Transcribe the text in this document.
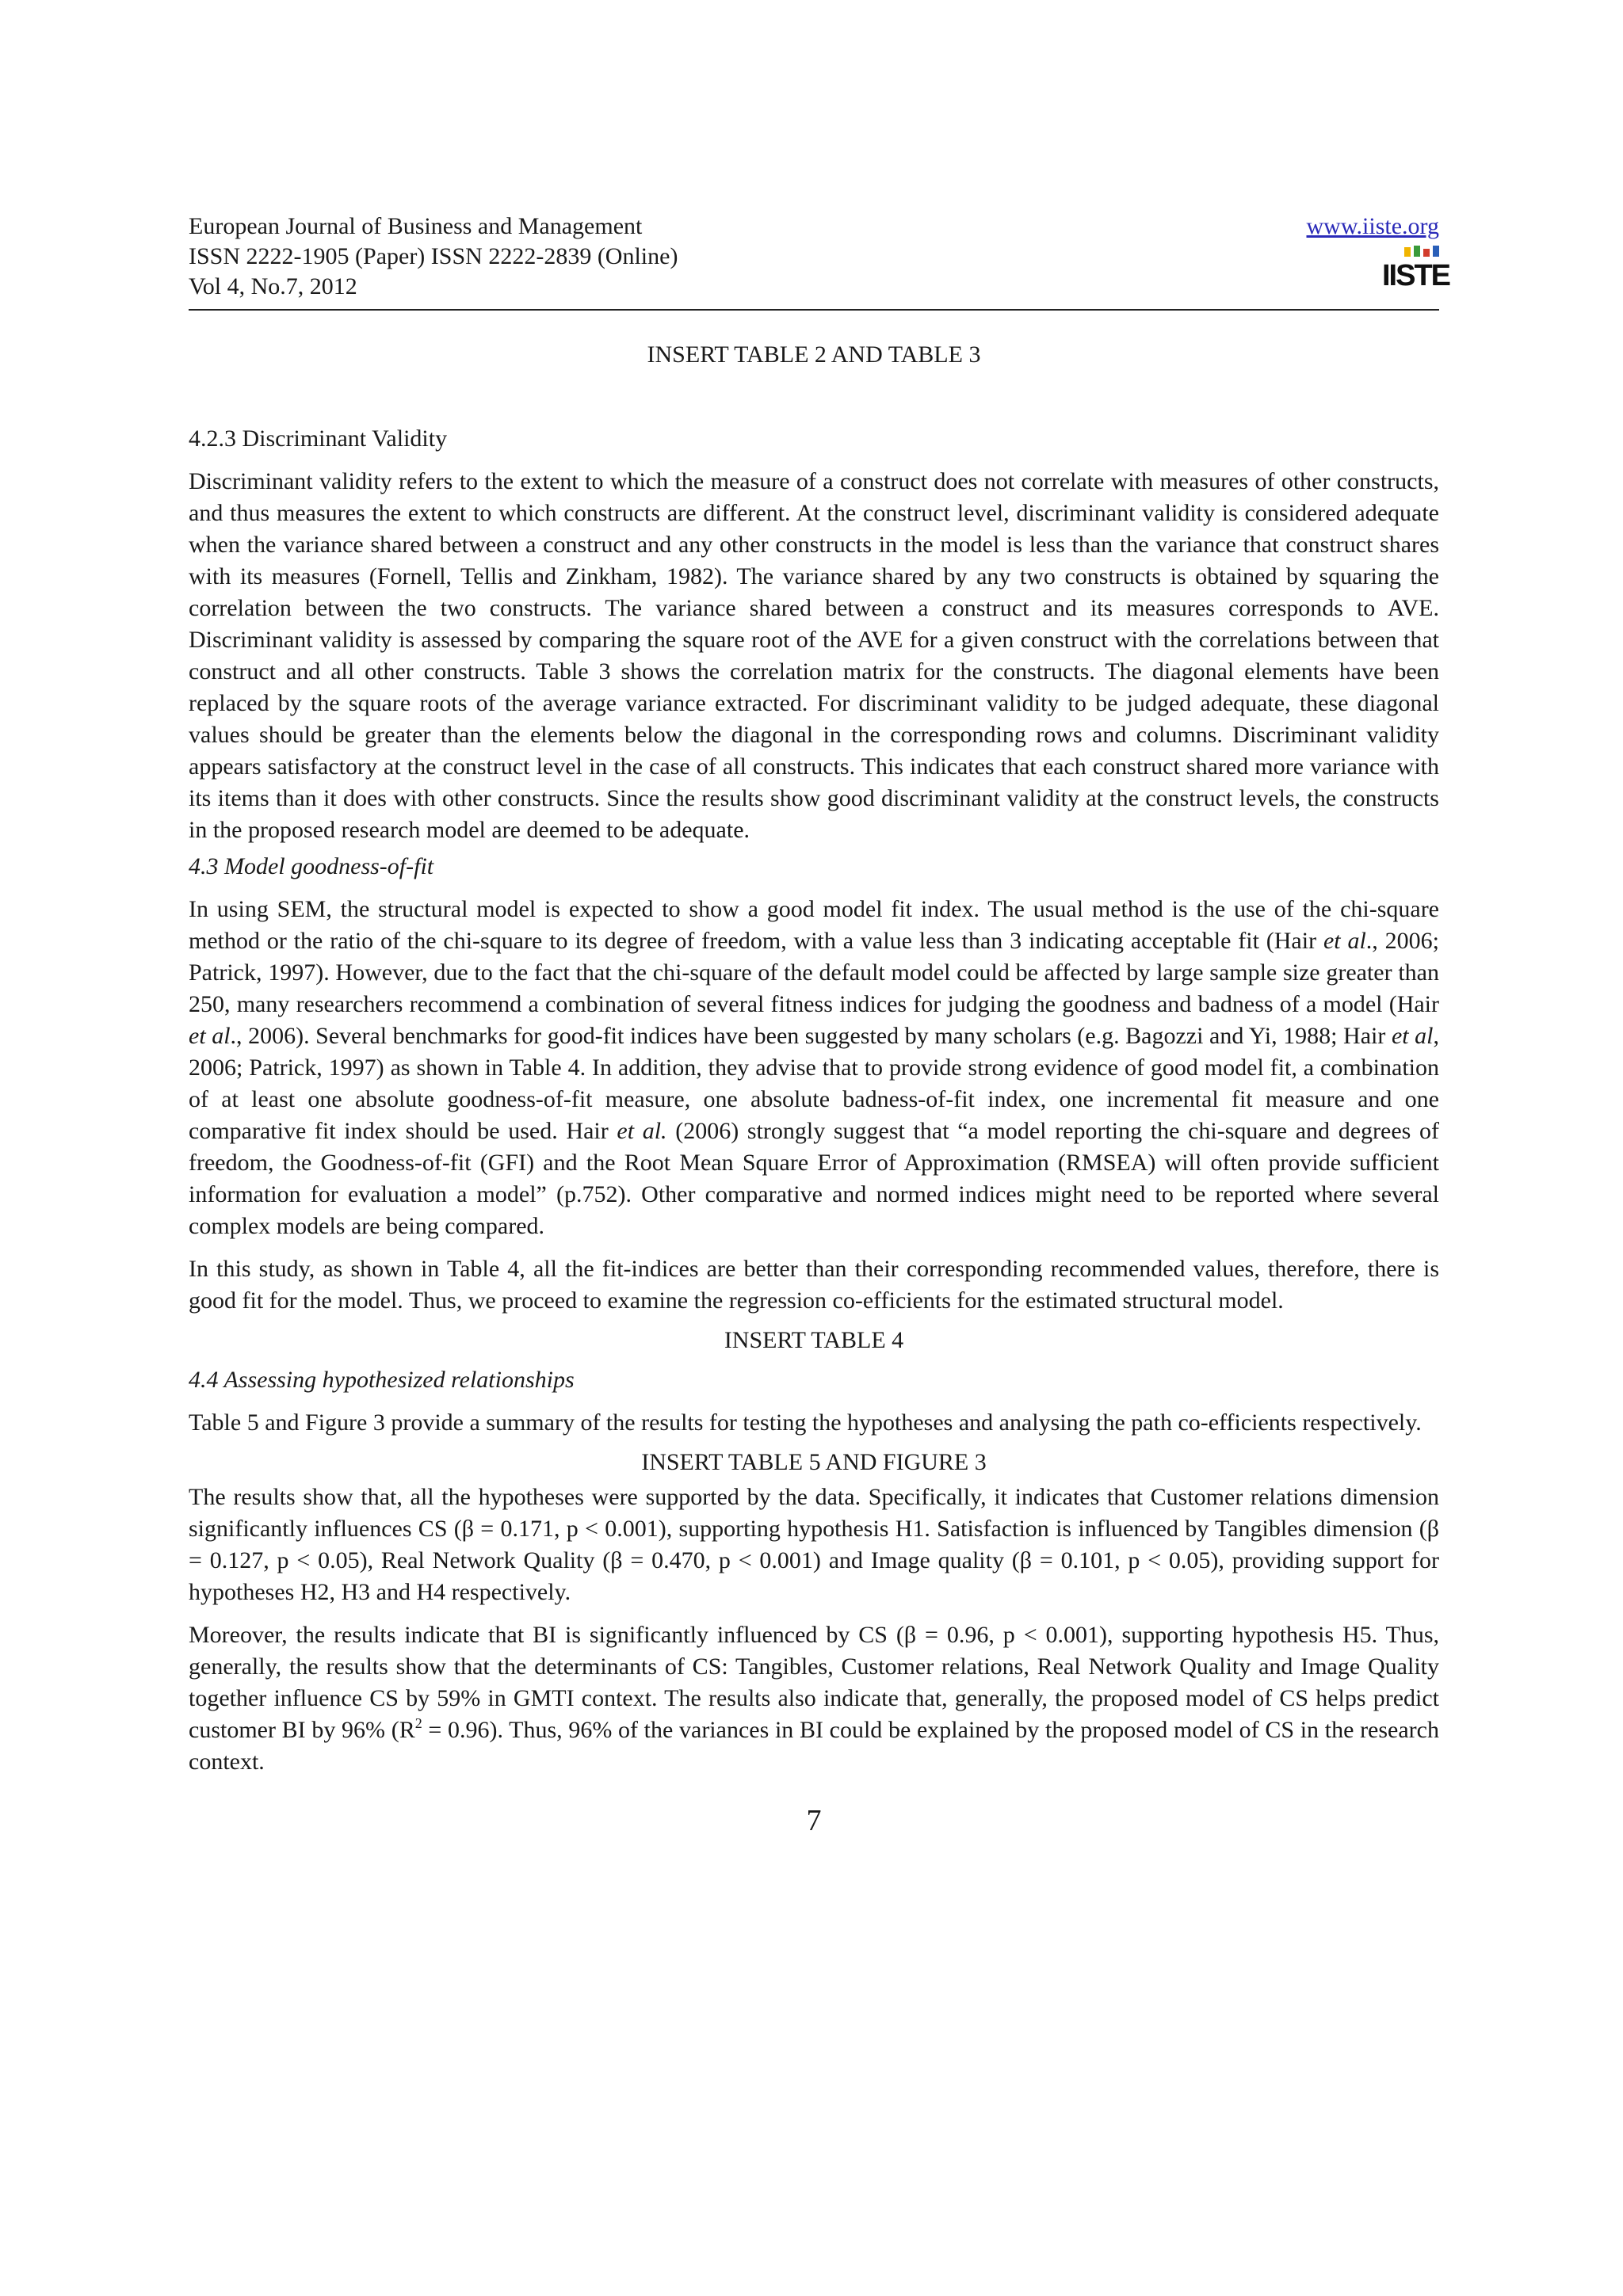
European Journal of Business and Management
ISSN 2222-1905 (Paper) ISSN 2222-2839 (Online)
Vol 4, No.7, 2012
www.iiste.org
IISTE
INSERT TABLE 2 AND TABLE 3
4.2.3 Discriminant Validity

Discriminant validity refers to the extent to which the measure of a construct does not correlate with measures of other constructs, and thus measures the extent to which constructs are different. At the construct level, discriminant validity is considered adequate when the variance shared between a construct and any other constructs in the model is less than the variance that construct shares with its measures (Fornell, Tellis and Zinkham, 1982). The variance shared by any two constructs is obtained by squaring the correlation between the two constructs. The variance shared between a construct and its measures corresponds to AVE. Discriminant validity is assessed by comparing the square root of the AVE for a given construct with the correlations between that construct and all other constructs. Table 3 shows the correlation matrix for the constructs. The diagonal elements have been replaced by the square roots of the average variance extracted. For discriminant validity to be judged adequate, these diagonal values should be greater than the elements below the diagonal in the corresponding rows and columns. Discriminant validity appears satisfactory at the construct level in the case of all constructs. This indicates that each construct shared more variance with its items than it does with other constructs. Since the results show good discriminant validity at the construct levels, the constructs in the proposed research model are deemed to be adequate.

4.3 Model goodness-of-fit

In using SEM, the structural model is expected to show a good model fit index. The usual method is the use of the chi-square method or the ratio of the chi-square to its degree of freedom, with a value less than 3 indicating acceptable fit (Hair et al., 2006; Patrick, 1997). However, due to the fact that the chi-square of the default model could be affected by large sample size greater than 250, many researchers recommend a combination of several fitness indices for judging the goodness and badness of a model (Hair et al., 2006). Several benchmarks for good-fit indices have been suggested by many scholars (e.g. Bagozzi and Yi, 1988; Hair et al, 2006; Patrick, 1997) as shown in Table 4. In addition, they advise that to provide strong evidence of good model fit, a combination of at least one absolute goodness-of-fit measure, one absolute badness-of-fit index, one incremental fit measure and one comparative fit index should be used. Hair et al. (2006) strongly suggest that “a model reporting the chi-square and degrees of freedom, the Goodness-of-fit (GFI) and the Root Mean Square Error of Approximation (RMSEA) will often provide sufficient information for evaluation a model” (p.752). Other comparative and normed indices might need to be reported where several complex models are being compared.

In this study, as shown in Table 4, all the fit-indices are better than their corresponding recommended values, therefore, there is good fit for the model. Thus, we proceed to examine the regression co-efficients for the estimated structural model.

INSERT TABLE 4
4.4 Assessing hypothesized relationships

Table 5 and Figure 3 provide a summary of the results for testing the hypotheses and analysing the path co-efficients respectively.

INSERT TABLE 5 AND FIGURE 3

The results show that, all the hypotheses were supported by the data. Specifically, it indicates that Customer relations dimension significantly influences CS (β = 0.171, p < 0.001), supporting hypothesis H1. Satisfaction is influenced by Tangibles dimension (β = 0.127, p < 0.05), Real Network Quality (β = 0.470, p < 0.001) and Image quality (β = 0.101, p < 0.05), providing support for hypotheses H2, H3 and H4 respectively.

Moreover, the results indicate that BI is significantly influenced by CS (β = 0.96, p < 0.001), supporting hypothesis H5. Thus, generally, the results show that the determinants of CS: Tangibles, Customer relations, Real Network Quality and Image Quality together influence CS by 59% in GMTI context. The results also indicate that, generally, the proposed model of CS helps predict customer BI by 96% $(R^2 = 0.96)$. Thus, 96% of the variances in BI could be explained by the proposed model of CS in the research context.

7
